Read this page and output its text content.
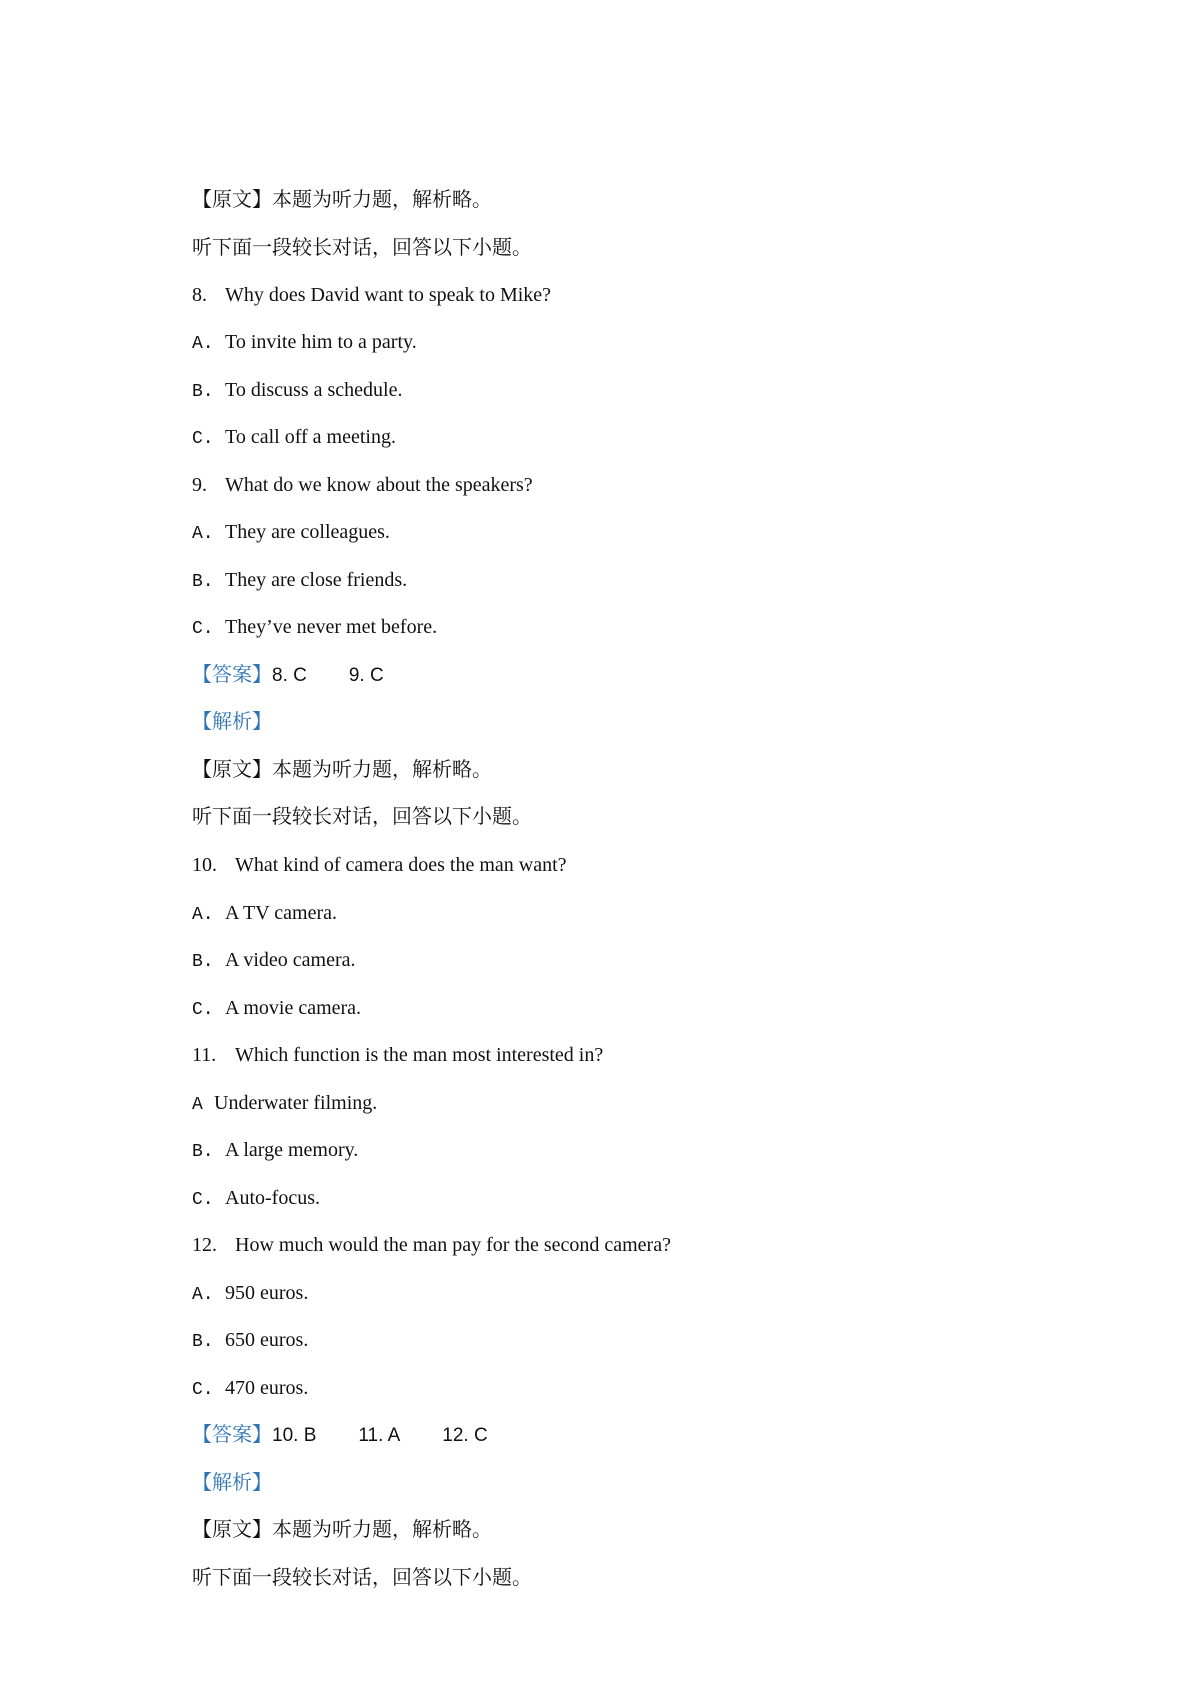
【原文】本题为听力题，解析略。

听下面一段较长对话，回答以下小题。

8. Why does David want to speak to Mike?

A. To invite him to a party.

B. To discuss a schedule.

C. To call off a meeting.

9. What do we know about the speakers?

A. They are colleagues.

B. They are close friends.

C. They’ve never met before.

【答案】8. C 9. C

【解析】

【原文】本题为听力题，解析略。

听下面一段较长对话，回答以下小题。

10. What kind of camera does the man want?

A. A TV camera.

B. A video camera.

C. A movie camera.

11. Which function is the man most interested in?

A Underwater filming.

B. A large memory.

C. Auto-focus.

12. How much would the man pay for the second camera?

A. 950 euros.

B. 650 euros.

C. 470 euros.

【答案】10. B 11. A 12. C

【解析】

【原文】本题为听力题，解析略。

听下面一段较长对话，回答以下小题。
